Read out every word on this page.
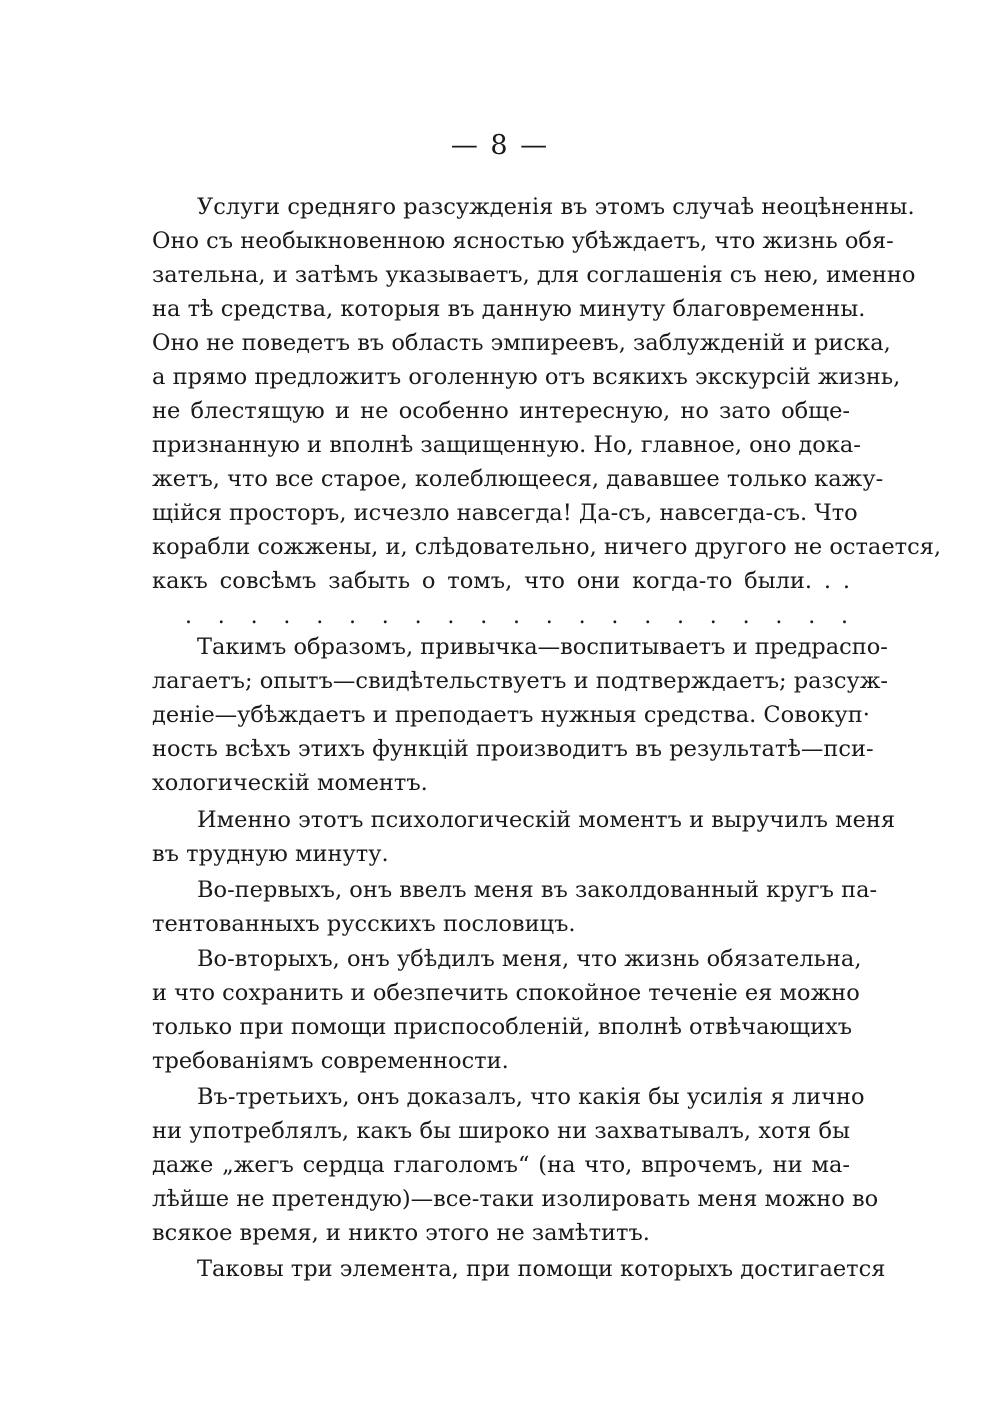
— 8 —
Услуги средняго разсужденія въ этомъ случаѣ неоцѣненны.
Оно съ необыкновенною ясностью убѣждаетъ, что жизнь обя-
зательна, и затѣмъ указываетъ, для соглашенія съ нею, именно
на тѣ средства, которыя въ данную минуту благовременны.
Оно не поведетъ въ область эмпиреевъ, заблужденій и риска,
а прямо предложитъ оголенную отъ всякихъ экскурсій жизнь,
не блестящую и не особенно интересную, но зато обще-
признанную и вполнѣ защищенную. Но, главное, оно дока-
жетъ, что все старое, колеблющееся, дававшее только кажу-
щійся просторъ, исчезло навсегда! Да-съ, навсегда-съ. Что
корабли сожжены, и, слѣдовательно, ничего другого не остается,
какъ совсѣмъ забыть о томъ, что они когда-то были. . .
. . . . . . . . . . . . . . . . . . . . .
Такимъ образомъ, привычка—воспитываетъ и предраспо-
лагаетъ; опытъ—свидѣтельствуетъ и подтверждаетъ; разсуж-
деніе—убѣждаетъ и преподаетъ нужныя средства. Совокуп·
ность всѣхъ этихъ функцій производитъ въ результатѣ—пси-
хологическій моментъ.
Именно этотъ психологическій моментъ и выручилъ меня
въ трудную минуту.
Во-первыхъ, онъ ввелъ меня въ заколдованный кругъ па-
тентованныхъ русскихъ пословицъ.
Во-вторыхъ, онъ убѣдилъ меня, что жизнь обязательна,
и что сохранить и обезпечить спокойное теченіе ея можно
только при помощи приспособленій, вполнѣ отвѣчающихъ
требованіямъ современности.
Въ-третьихъ, онъ доказалъ, что какія бы усилія я лично
ни употреблялъ, какъ бы широко ни захватывалъ, хотя бы
даже „жегъ сердца глаголомъ“ (на что, впрочемъ, ни ма-
лѣйше не претендую)—все-таки изолировать меня можно во
всякое время, и никто этого не замѣтитъ.
Таковы три элемента, при помощи которыхъ достигается
